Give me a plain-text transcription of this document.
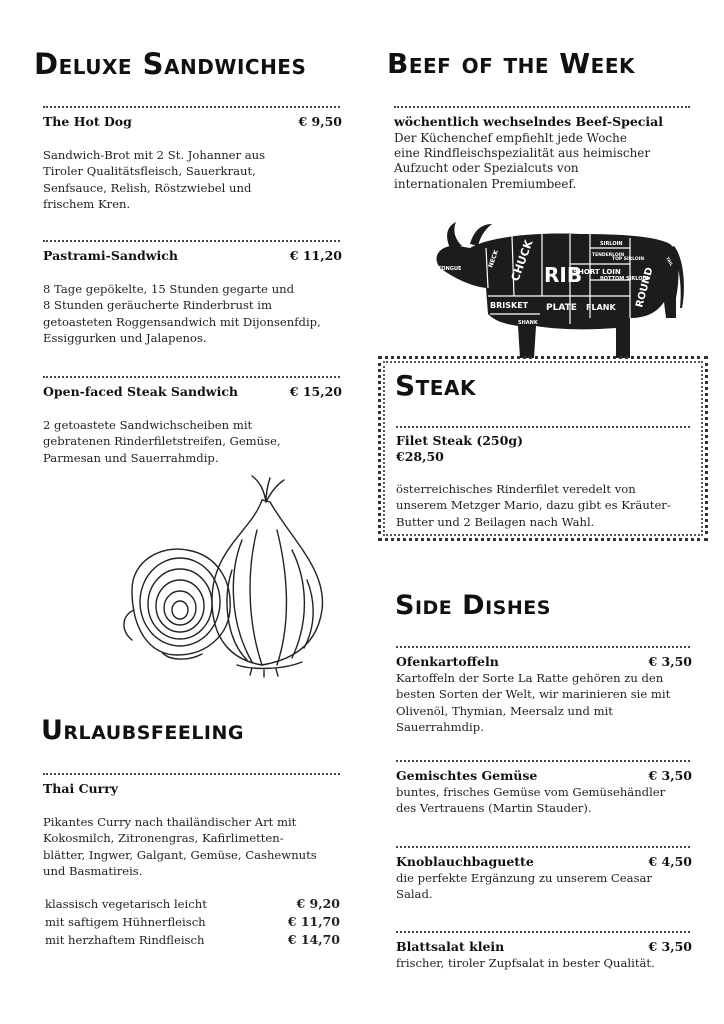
Deluxe Sandwiches
The Hot Dog	€ 9,50
Sandwich-Brot mit 2 St. Johanner aus
Tiroler Qualitätsfleisch, Sauerkraut,
Senfsauce, Relish, Röstzwiebel und
frischem Kren.
Pastrami-Sandwich	€ 11,20
8 Tage gepökelte, 15 Stunden gegarte und
8 Stunden geräucherte Rinderbrust im
getoasteten Roggensandwich mit Dijonsenfdip,
Essiggurken und Jalapenos.
Open-faced Steak Sandwich	€ 15,20
2 getoastete Sandwichscheiben mit
gebratenen Rinderfiletstreifen, Gemüse,
Parmesan und Sauerrahmdip.
Urlaubsfeeling
Thai Curry
Pikantes Curry nach thailändischer Art mit
Kokosmilch, Zitronengras, Kafirlimetten-
blätter, Ingwer, Galgant, Gemüse, Cashewnuts
und Basmatireis.
klassisch vegetarisch leicht	€ 9,20
mit saftigem Hühnerfleisch	€ 11,70
mit herzhaftem Rindfleisch	€ 14,70
Beef of the Week
wöchentlich wechselndes Beef-Special
Der Küchenchef empfiehlt jede Woche
eine Rindfleischspezialität aus heimischer
Aufzucht oder Spezialcuts von
internationalen Premiumbeef.
TONGUE
NECK CHUCK RIB
SIRLOIN
TENDERLOIN
TOP SIRLOIN
SHORT LOIN
BOTTOM SIRLOIN
ROUND
BRISKET PLATE FLANK
SHANK
SHANK
TAIL
Steak
Filet Steak (250g)
€28,50
österreichisches Rinderfilet veredelt von
unserem Metzger Mario, dazu gibt es Kräuter-
Butter und 2 Beilagen nach Wahl.
Side Dishes
Ofenkartoffeln	€ 3,50
Kartoffeln der Sorte La Ratte gehören zu den
besten Sorten der Welt, wir marinieren sie mit
Olivenöl, Thymian, Meersalz und mit
Sauerrahmdip.
Gemischtes Gemüse	€ 3,50
buntes, frisches Gemüse vom Gemüsehändler
des Vertrauens (Martin Stauder).
Knoblauchbaguette	€ 4,50
die perfekte Ergänzung zu unserem Ceasar
Salad.
Blattsalat klein	€ 3,50
frischer, tiroler Zupfsalat in bester Qualität.
